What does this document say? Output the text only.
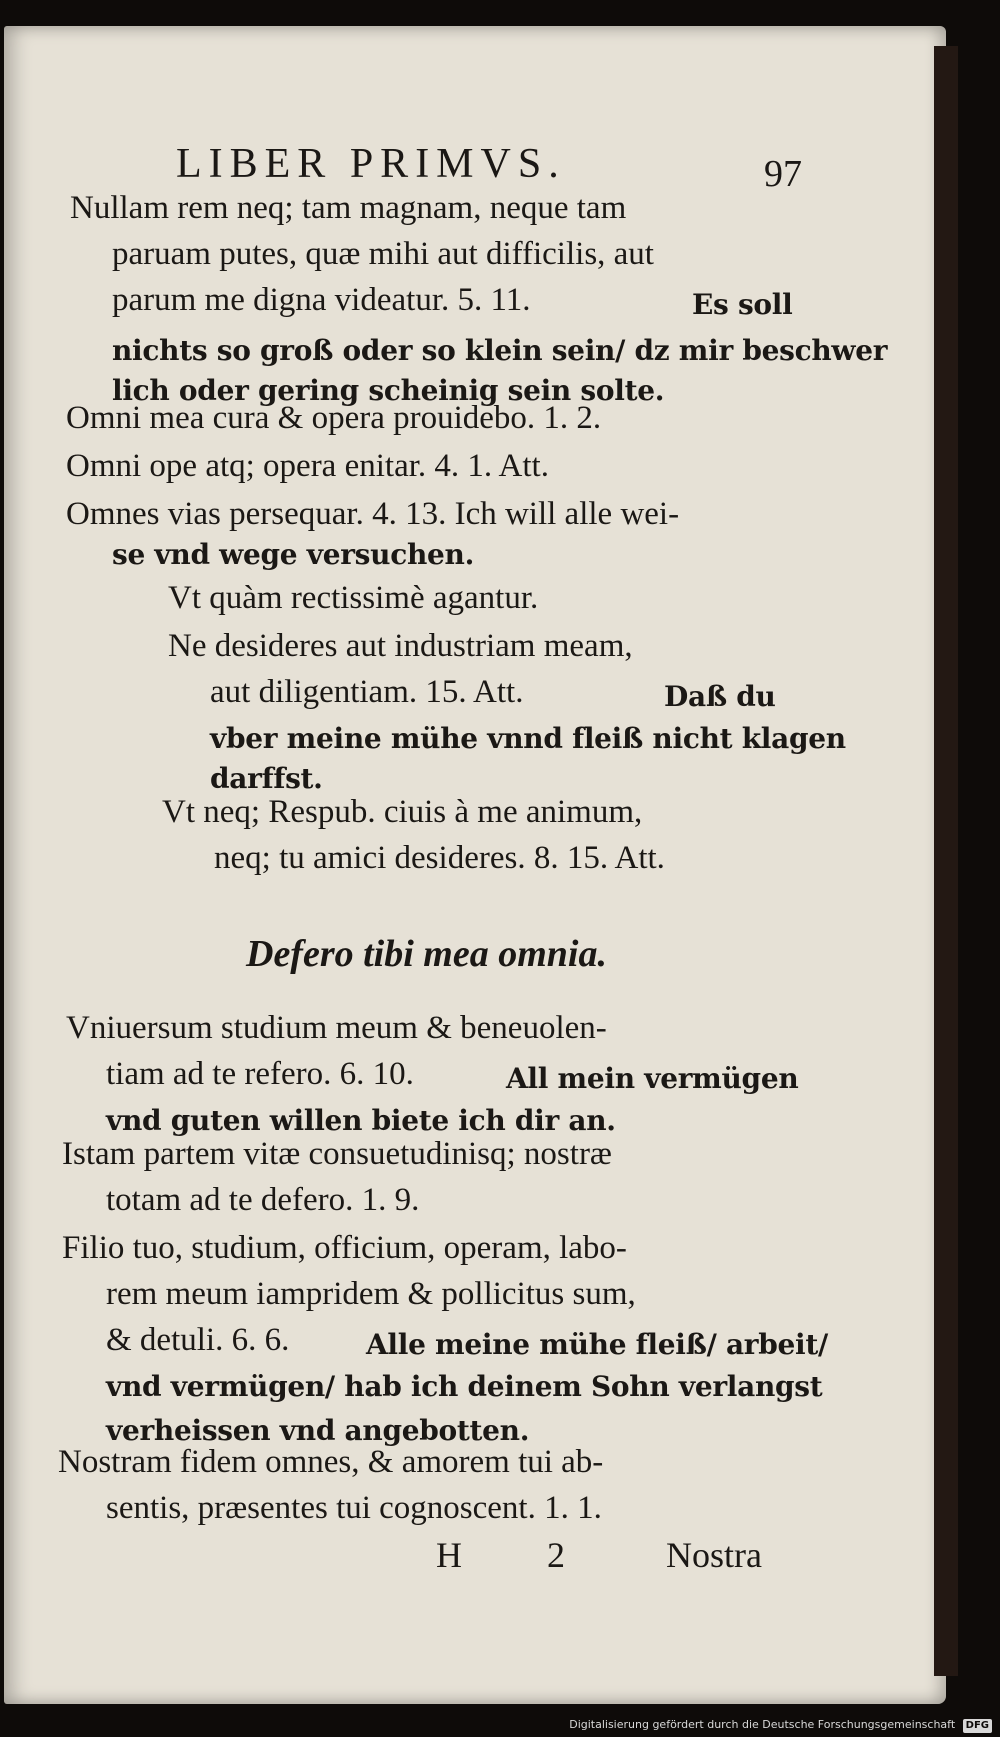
LIBER PRIMVS.	97
Nullam rem neq; tam magnam, neque tam
paruam putes, quæ mihi aut difficilis, aut
parum me digna videatur. 5. 11.	Es soll
nichts so groß oder so klein sein/ dz mir beschwer
lich oder gering scheinig sein solte.
Omni mea cura & opera prouidebo. 1. 2.
Omni ope atq; opera enitar. 4. 1. Att.
Omnes vias persequar. 4. 13. Ich will alle wei-
se vnd wege versuchen.
Vt quàm rectissimè agantur.
Ne desideres aut industriam meam,
aut diligentiam. 15. Att.	Daß du
vber meine mühe vnnd fleiß nicht klagen
darffst.
Vt neq; Respub. ciuis à me animum,
neq; tu amici desideres. 8. 15. Att.
Vniuersum studium meum & beneuolen-
tiam ad te refero. 6. 10.	All mein vermügen
vnd guten willen biete ich dir an.
Istam partem vitæ consuetudinisq; nostræ
totam ad te defero. 1. 9.
Filio tuo, studium, officium, operam, labo-
rem meum iampridem & pollicitus sum,
& detuli. 6. 6.	Alle meine mühe fleiß/ arbeit/
vnd vermügen/ hab ich deinem Sohn verlangst
verheissen vnd angebotten.
Nostram fidem omnes, & amorem tui ab-
sentis, præsentes tui cognoscent. 1. 1.
Defero tibi mea omnia.
H 2 Nostra
Digitalisierung gefördert durch die Deutsche Forschungsgemeinschaft DFG
